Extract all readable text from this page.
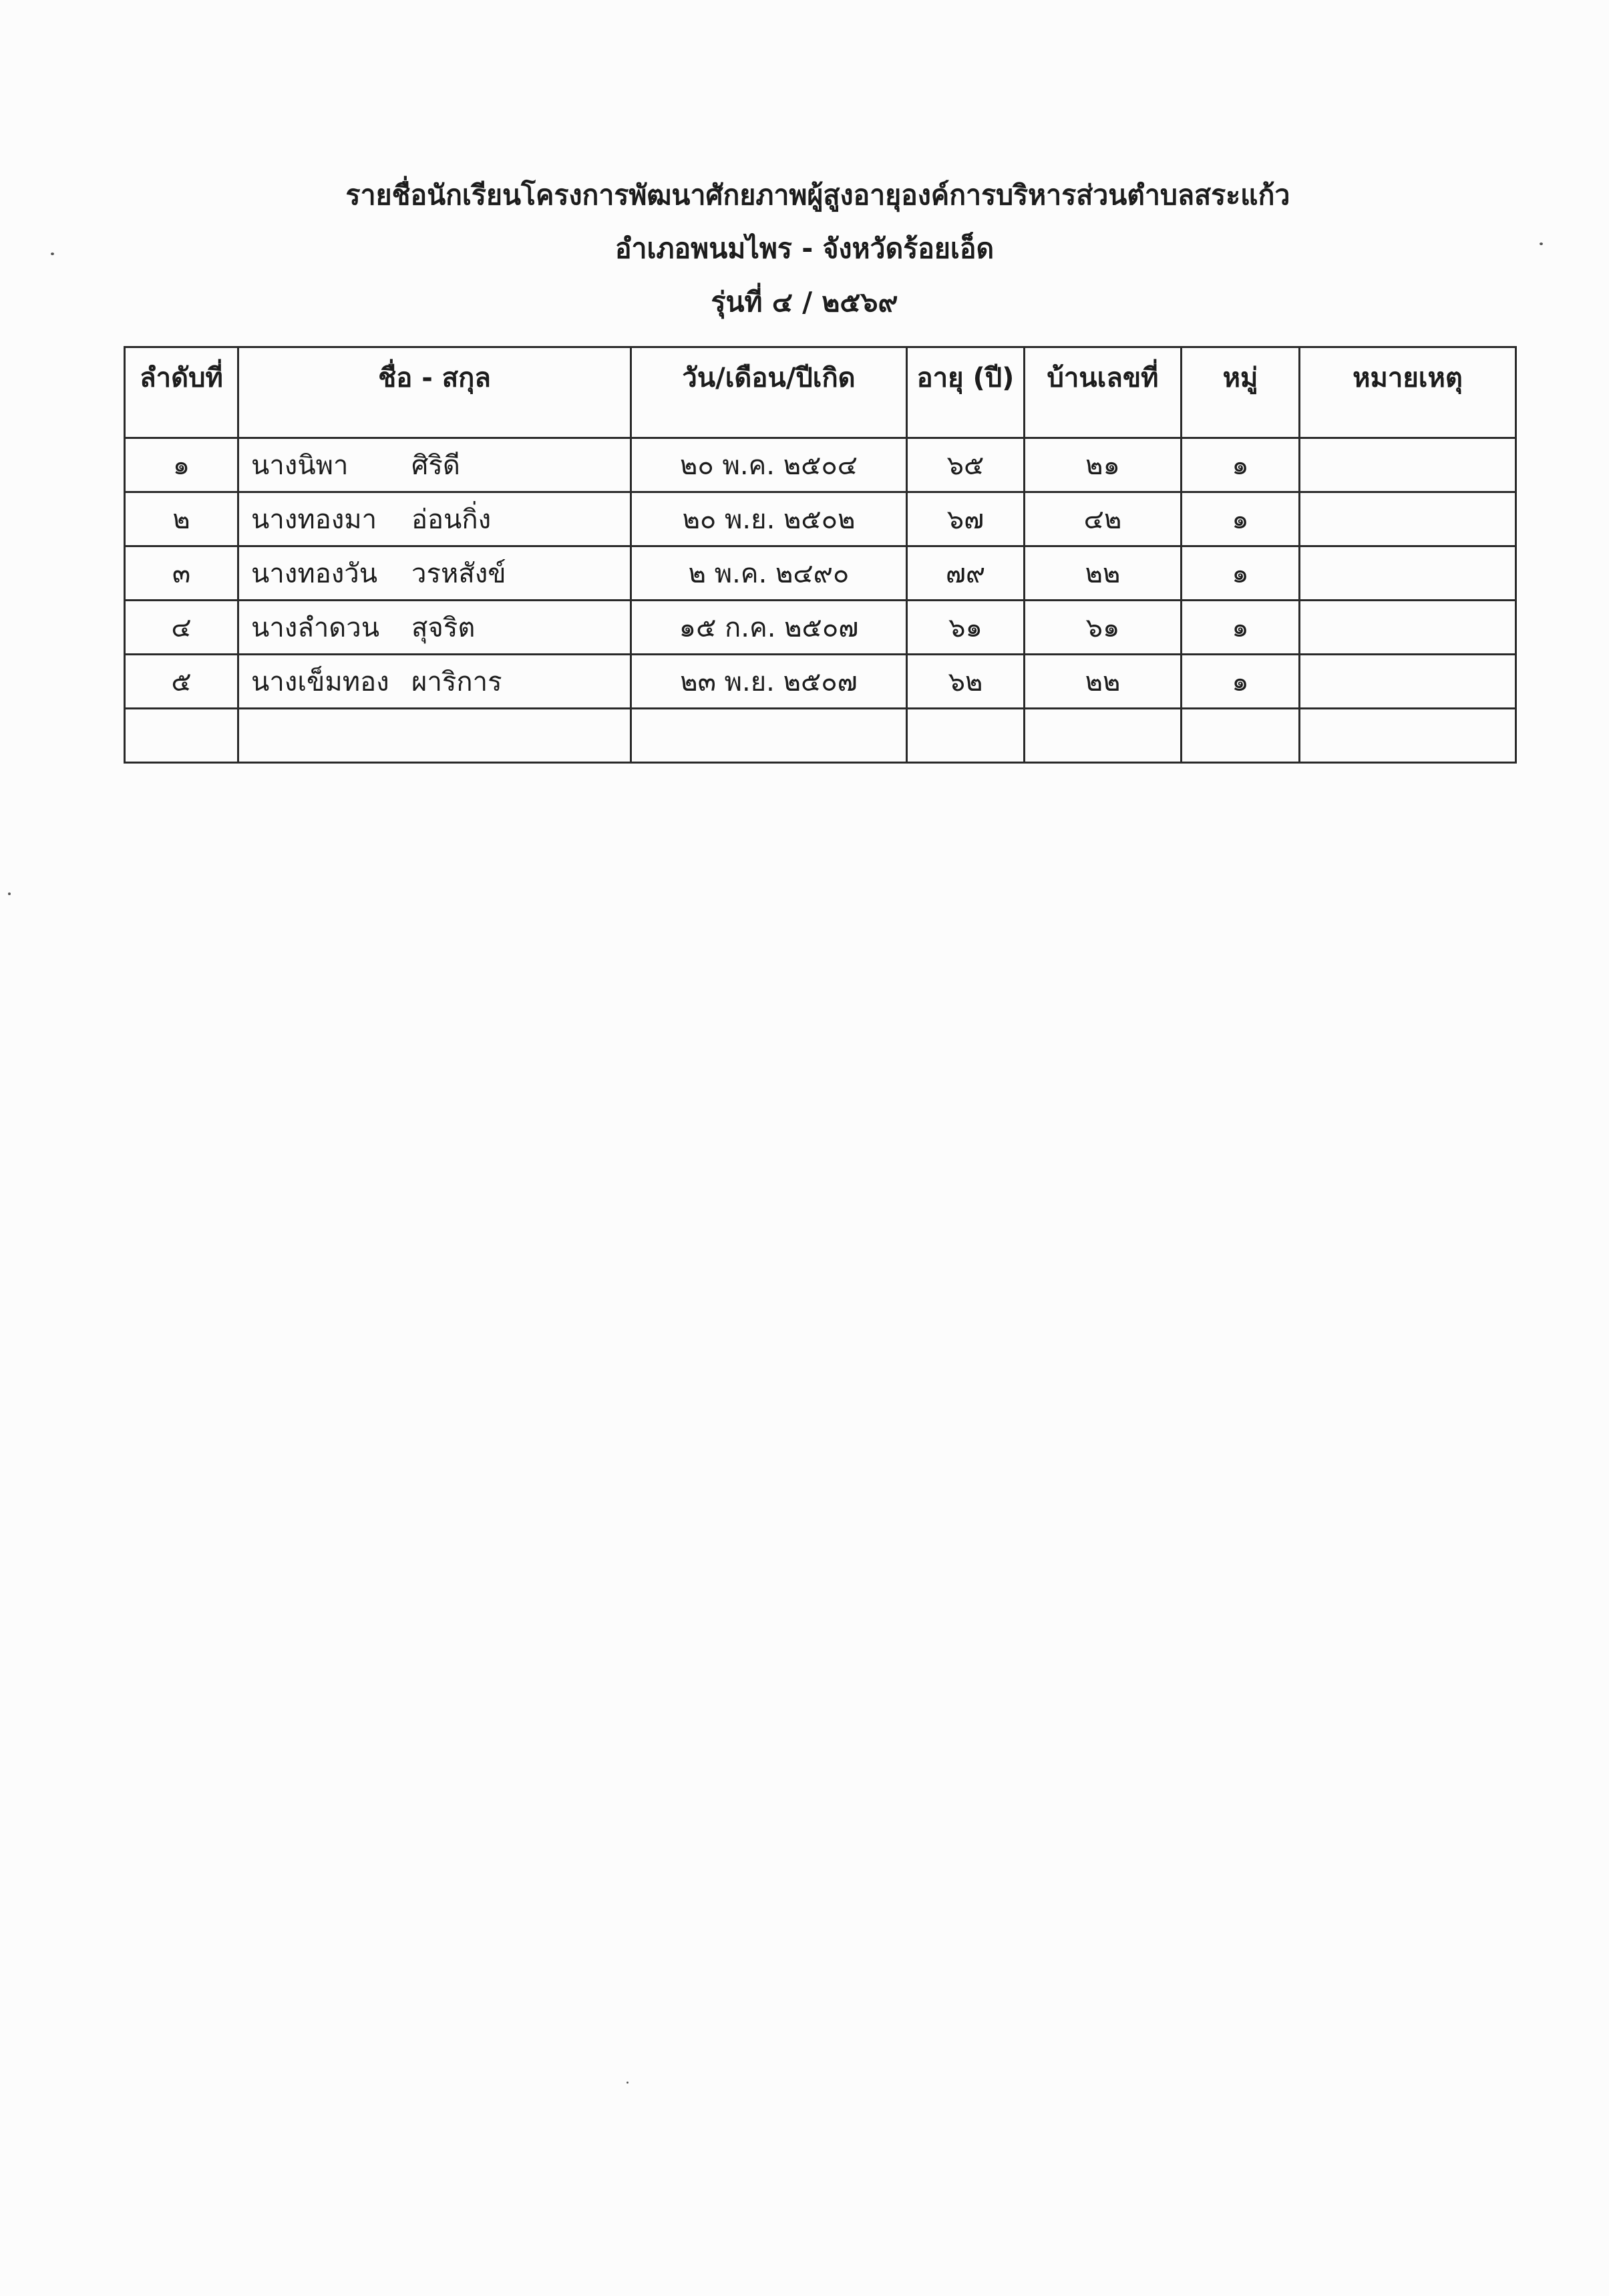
รายชื่อนักเรียนโครงการพัฒนาศักยภาพผู้สูงอายุองค์การบริหารส่วนตำบลสระแก้ว
อำเภอพนมไพร - จังหวัดร้อยเอ็ด
รุ่นที่ ๔ / ๒๕๖๙
ลำดับที่	ชื่อ - สกุล	วัน/เดือน/ปีเกิด	อายุ (ปี)	บ้านเลขที่	หมู่	หมายเหตุ
๑	นางนิพา ศิริดี	๒๐ พ.ค. ๒๕๐๔	๖๕	๒๑	๑	
๒	นางทองมา อ่อนกิ่ง	๒๐ พ.ย. ๒๕๐๒	๖๗	๔๒	๑	
๓	นางทองวัน วรหสังข์	๒ พ.ค. ๒๔๙๐	๗๙	๒๒	๑	
๔	นางลำดวน สุจริต	๑๕ ก.ค. ๒๕๐๗	๖๑	๖๑	๑	
๕	นางเข็มทอง ผาริการ	๒๓ พ.ย. ๒๕๐๗	๖๒	๒๒	๑	
